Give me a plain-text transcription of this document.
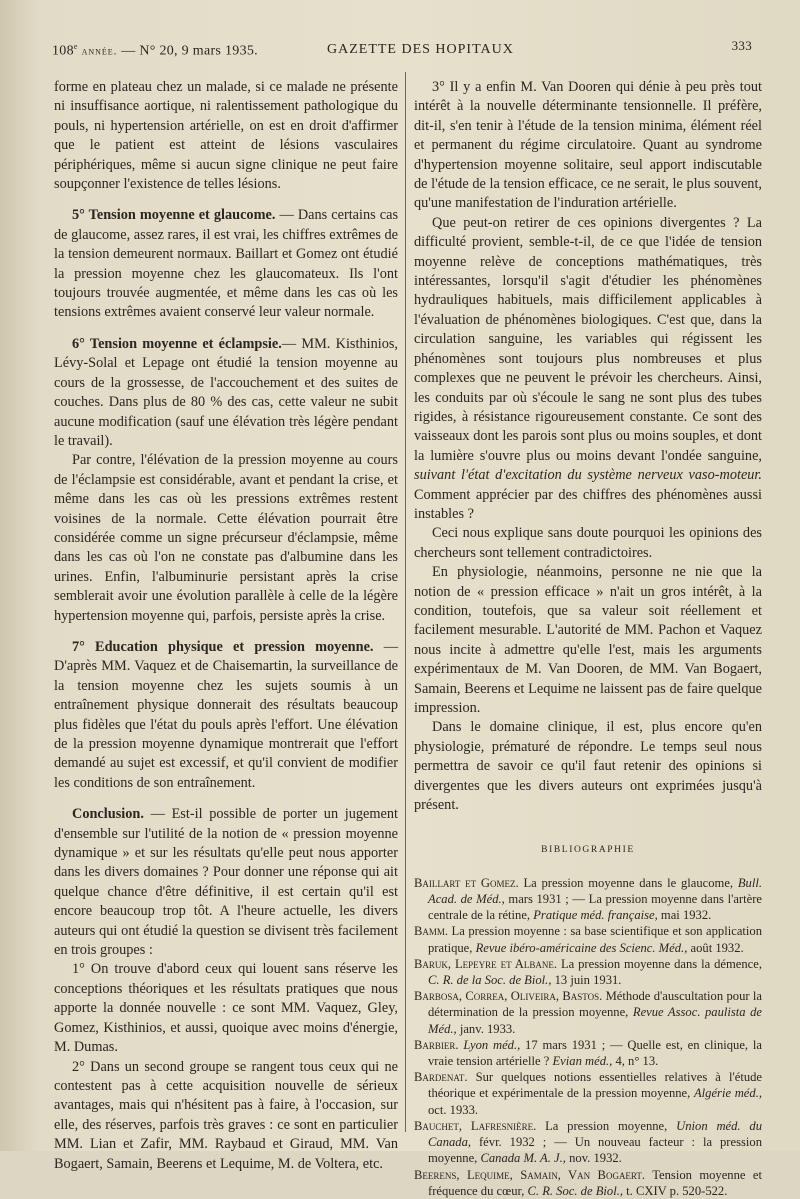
108e année. — N° 20, 9 mars 1935.	GAZETTE DES HOPITAUX	333

forme en plateau chez un malade, si ce malade ne présente ni insuffisance aortique, ni ralentissement pathologique du pouls, ni hypertension artérielle, on est en droit d'affirmer que le patient est atteint de lésions vasculaires périphériques, même si aucun signe clinique ne peut faire soupçonner l'existence de telles lésions.

5° Tension moyenne et glaucome. — Dans certains cas de glaucome, assez rares, il est vrai, les chiffres extrêmes de la tension demeurent normaux. Baillart et Gomez ont étudié la pression moyenne chez les glaucomateux. Ils l'ont toujours trouvée augmentée, et même dans les cas où les tensions extrêmes avaient conservé leur valeur normale.

6° Tension moyenne et éclampsie.— MM. Kisthinios, Lévy-Solal et Lepage ont étudié la tension moyenne au cours de la grossesse, de l'accouchement et des suites de couches. Dans plus de 80 % des cas, cette valeur ne subit aucune modification (sauf une élévation très légère pendant le travail).

Par contre, l'élévation de la pression moyenne au cours de l'éclampsie est considérable, avant et pendant la crise, et même dans les cas où les pressions extrêmes restent voisines de la normale. Cette élévation pourrait être considérée comme un signe précurseur d'éclampsie, même dans les cas où l'on ne constate pas d'albumine dans les urines. Enfin, l'albuminurie persistant après la crise semblerait avoir une évolution parallèle à celle de la légère hypertension moyenne qui, parfois, persiste après la crise.

7° Education physique et pression moyenne. — D'après MM. Vaquez et de Chaisemartin, la surveillance de la tension moyenne chez les sujets soumis à un entraînement physique donnerait des résultats beaucoup plus fidèles que l'état du pouls après l'effort. Une élévation de la pression moyenne dynamique montrerait que l'effort demandé au sujet est excessif, et qu'il convient de modifier les conditions de son entraînement.

Conclusion. — Est-il possible de porter un jugement d'ensemble sur l'utilité de la notion de « pression moyenne dynamique » et sur les résultats qu'elle peut nous apporter dans les divers domaines ? Pour donner une réponse qui ait quelque chance d'être définitive, il est certain qu'il est encore beaucoup trop tôt. A l'heure actuelle, les divers auteurs qui ont étudié la question se divisent très facilement en trois groupes :

1° On trouve d'abord ceux qui louent sans réserve les conceptions théoriques et les résultats pratiques que nous apporte la donnée nouvelle : ce sont MM. Vaquez, Gley, Gomez, Kisthinios, et aussi, quoique avec moins d'énergie, M. Dumas.

2° Dans un second groupe se rangent tous ceux qui ne contestent pas à cette acquisition nouvelle de sérieux avantages, mais qui n'hésitent pas à faire, à l'occasion, sur elle, des réserves, parfois très graves : ce sont en particulier MM. Lian et Zafir, MM. Raybaud et Giraud, MM. Van Bogaert, Samain, Beerens et Lequime, M. de Voltera, etc.

3° Il y a enfin M. Van Dooren qui dénie à peu près tout intérêt à la nouvelle déterminante tensionnelle. Il préfère, dit-il, s'en tenir à l'étude de la tension minima, élément réel et permanent du régime circulatoire. Quant au syndrome d'hypertension moyenne solitaire, seul apport indiscutable de l'étude de la tension efficace, ce ne serait, le plus souvent, qu'une manifestation de l'induration artérielle.

Que peut-on retirer de ces opinions divergentes ? La difficulté provient, semble-t-il, de ce que l'idée de tension moyenne relève de conceptions mathématiques, très intéressantes, lorsqu'il s'agit d'étudier les phénomènes hydrauliques habituels, mais difficilement applicables à l'évaluation de phénomènes biologiques. C'est que, dans la circulation sanguine, les variables qui régissent les phénomènes sont toujours plus nombreuses et plus complexes que ne peuvent le prévoir les chercheurs. Ainsi, les conduits par où s'écoule le sang ne sont plus des tubes rigides, à résistance rigoureusement constante. Ce sont des vaisseaux dont les parois sont plus ou moins souples, et dont la lumière s'ouvre plus ou moins devant l'ondée sanguine, suivant l'état d'excitation du système nerveux vaso-moteur. Comment apprécier par des chiffres des phénomènes aussi instables ?

Ceci nous explique sans doute pourquoi les opinions des chercheurs sont tellement contradictoires.

En physiologie, néanmoins, personne ne nie que la notion de « pression efficace » n'ait un gros intérêt, à la condition, toutefois, que sa valeur soit réellement et facilement mesurable. L'autorité de MM. Pachon et Vaquez nous incite à admettre qu'elle l'est, mais les arguments expérimentaux de M. Van Dooren, de MM. Van Bogaert, Samain, Beerens et Lequime ne laissent pas de faire quelque impression.

Dans le domaine clinique, il est, plus encore qu'en physiologie, prématuré de répondre. Le temps seul nous permettra de savoir ce qu'il faut retenir des opinions si divergentes que les divers auteurs ont exprimées jusqu'à présent.

BIBLIOGRAPHIE

Baillart et Gomez. La pression moyenne dans le glaucome, Bull. Acad. de Méd., mars 1931 ; — La pression moyenne dans l'artère centrale de la rétine, Pratique méd. française, mai 1932.

Bamm. La pression moyenne : sa base scientifique et son application pratique, Revue ibéro-américaine des Scienc. Méd., août 1932.

Baruk, Lepeyre et Albane. La pression moyenne dans la démence, C. R. de la Soc. de Biol., 13 juin 1931.

Barbosa, Correa, Oliveira, Bastos. Méthode d'auscultation pour la détermination de la pression moyenne, Revue Assoc. paulista de Méd., janv. 1933.

Barbier. Lyon méd., 17 mars 1931 ; — Quelle est, en clinique, la vraie tension artérielle ? Evian méd., 4, n° 13.

Bardenat. Sur quelques notions essentielles relatives à l'étude théorique et expérimentale de la pression moyenne, Algérie méd., oct. 1933.

Bauchet, Lafresnière. La pression moyenne, Union méd. du Canada, févr. 1932 ; — Un nouveau facteur : la pression moyenne, Canada M. A. J., nov. 1932.

Beerens, Lequime, Samain, Van Bogaert. Tension moyenne et fréquence du cœur, C. R. Soc. de Biol., t. CXIV p. 520-522.
